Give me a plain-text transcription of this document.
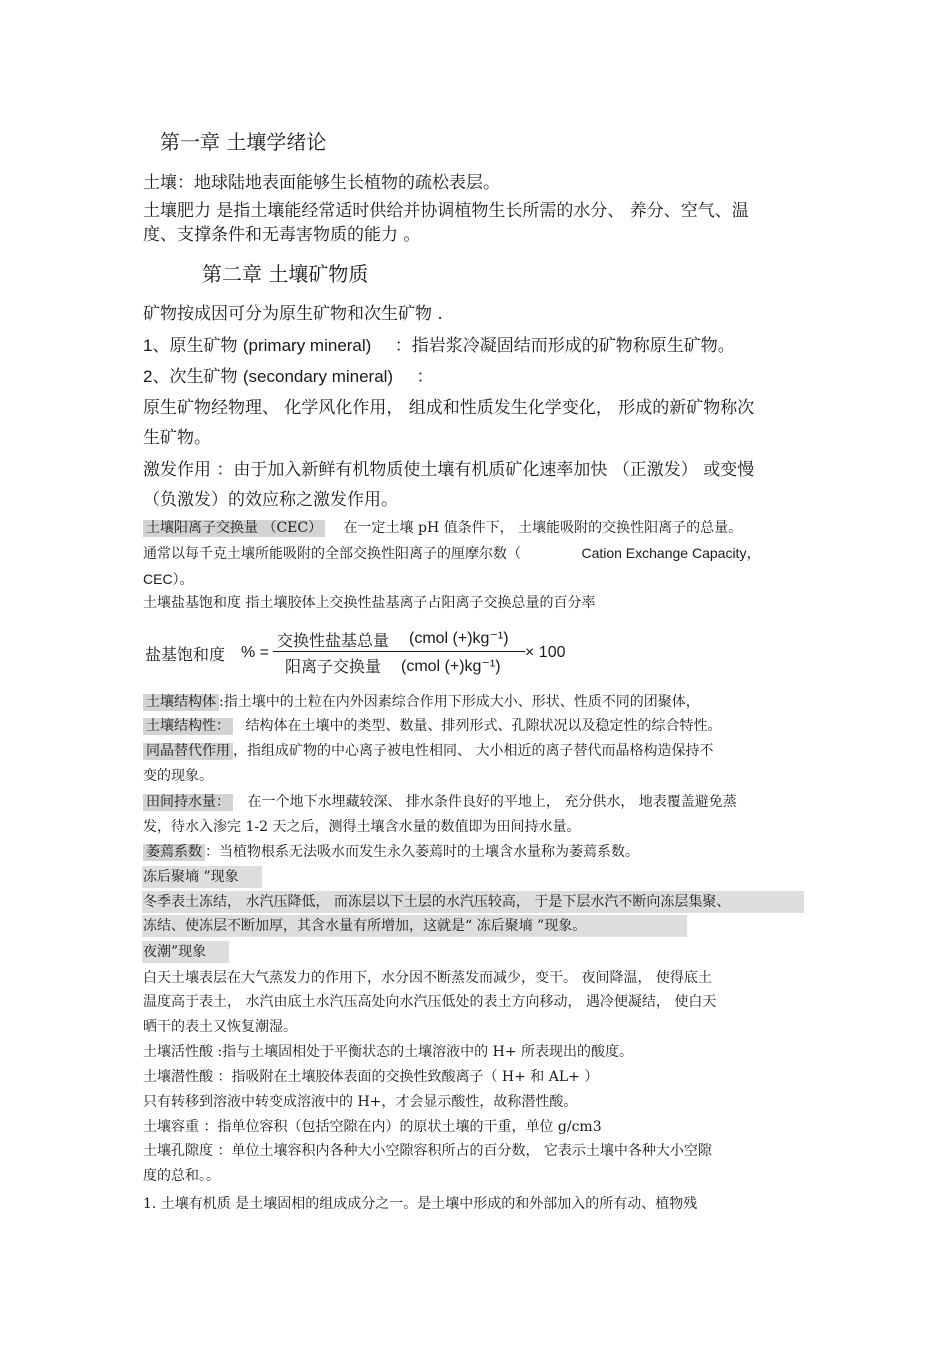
第一章 土壤学绪论
土壤：地球陆地表面能够生长植物的疏松表层。
土壤肥力 是指土壤能经常适时供给并协调植物生长所需的水分、 养分、空气、温
度、支撑条件和无毒害物质的能力 。
第二章 土壤矿物质
矿物按成因可分为原生矿物和次生矿物 .
1、原生矿物 (primary mineral) ：指岩浆冷凝固结而形成的矿物称原生矿物。
2、次生矿物 (secondary mineral) ：
原生矿物经物理、 化学风化作用， 组成和性质发生化学变化， 形成的新矿物称次
生矿物。
激发作用 ：由于加入新鲜有机物质使土壤有机质矿化速率加快 （正激发） 或变慢
（负激发）的效应称之激发作用。
土壤阳离子交换量 （CEC） 在一定土壤 pH 值条件下， 土壤能吸附的交换性阳离子的总量。
通常以每千克土壤所能吸附的全部交换性阳离子的厘摩尔数（	Cation Exchange Capacity，
CEC）。
土壤盐基饱和度 指土壤胶体上交换性盐基离子占阳离子交换总量的百分率
盐基饱和度 % =
交换性盐基总量 (cmol (+)kg⁻¹)
阳离子交换量 (cmol (+)kg⁻¹)
× 100
土壤结构体 :指土壤中的土粒在内外因素综合作用下形成大小、形状、性质不同的团聚体，
土壤结构性： 结构体在土壤中的类型、数量、排列形式、孔隙状况以及稳定性的综合特性。
同晶替代作用 ，指组成矿物的中心离子被电性相同、 大小相近的离子替代而晶格构造保持不
变的现象。
田间持水量： 在一个地下水埋藏较深、 排水条件良好的平地上， 充分供水， 地表覆盖避免蒸
发，待水入渗完 1-2 天之后，测得土壤含水量的数值即为田间持水量。
萎蔫系数 ：当植物根系无法吸水而发生永久萎蔫时的土壤含水量称为萎蔫系数。
冻后聚墒 ”现象
冬季表土冻结， 水汽压降低， 而冻层以下土层的水汽压较高， 于是下层水汽不断向冻层集聚、
冻结、使冻层不断加厚，其含水量有所增加，这就是“ 冻后聚墒 ”现象。
夜潮”现象
白天土壤表层在大气蒸发力的作用下，水分因不断蒸发而减少，变干。 夜间降温， 使得底土
温度高于表土， 水汽由底土水汽压高处向水汽压低处的表土方向移动， 遇冷便凝结， 使白天
晒干的表土又恢复潮湿。
土壤活性酸 :指与土壤固相处于平衡状态的土壤溶液中的 H+ 所表现出的酸度。
土壤潜性酸 ：指吸附在土壤胶体表面的交换性致酸离子（ H+ 和 AL+ ）
只有转移到溶液中转变成溶液中的 H+，才会显示酸性，故称潜性酸。
土壤容重 ：指单位容积（包括空隙在内）的原状土壤的干重，单位 g/cm3
土壤孔隙度 ：单位土壤容积内各种大小空隙容积所占的百分数， 它表示土壤中各种大小空隙
度的总和。。
1. 土壤有机质 是土壤固相的组成成分之一。是土壤中形成的和外部加入的所有动、植物残
